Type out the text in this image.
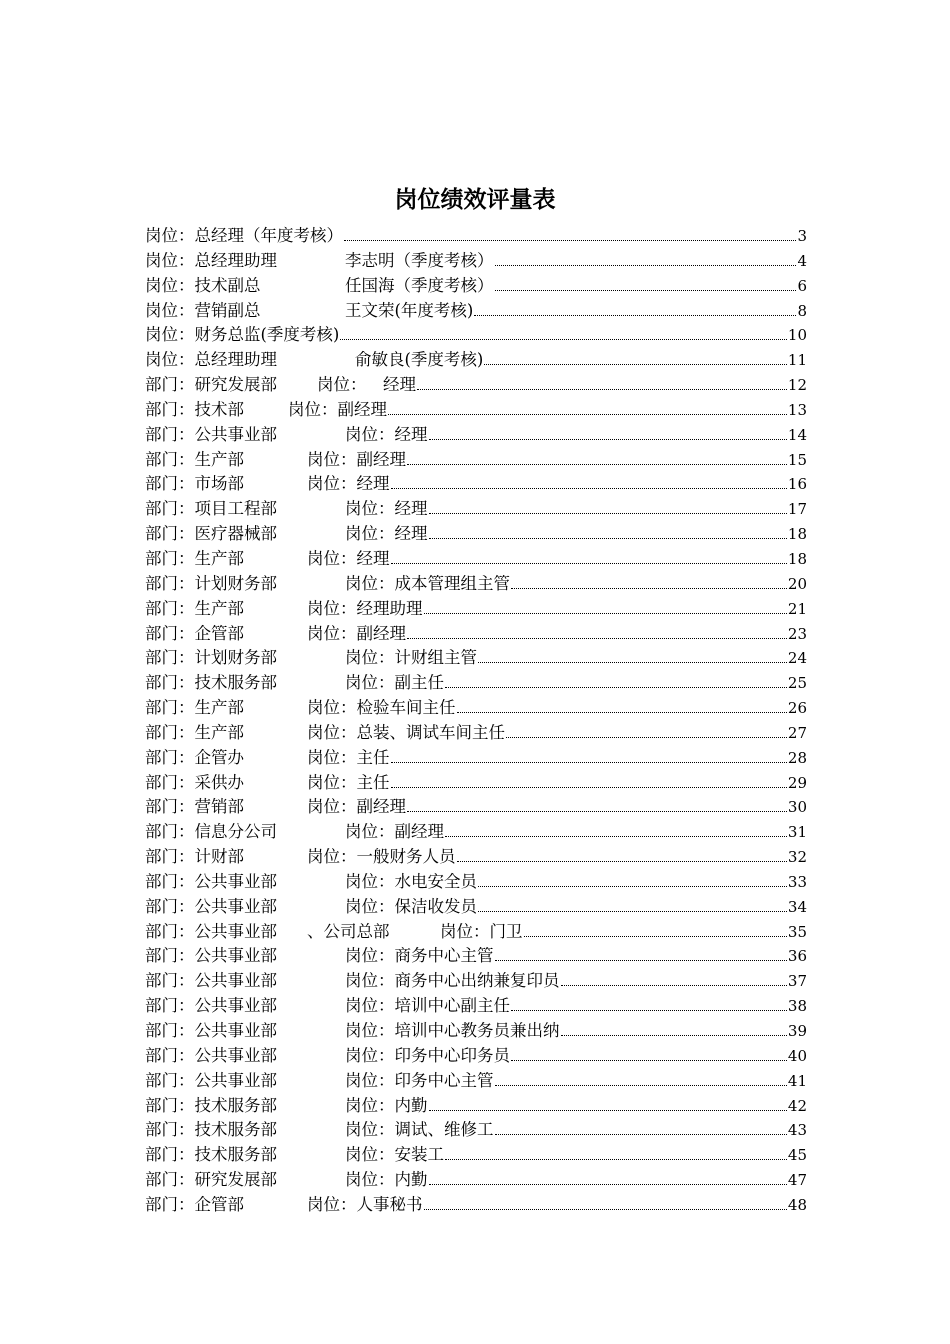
岗位绩效评量表
岗位：总经理（年度考核）	3
岗位：总经理助理	李志明（季度考核）	4
岗位：技术副总	任国海（季度考核）	6
岗位：营销副总	王文荣(年度考核)	8
岗位：财务总监(季度考核)	10
岗位：总经理助理	俞敏良(季度考核)	11
部门：研究发展部	岗位：	经理	12
部门：技术部	岗位：副经理	13
部门：公共事业部	岗位：经理	14
部门：生产部	岗位：副经理	15
部门：市场部	岗位：经理	16
部门：项目工程部	岗位：经理	17
部门：医疗器械部	岗位：经理	18
部门：生产部	岗位：经理	18
部门：计划财务部	岗位：成本管理组主管	20
部门：生产部	岗位：经理助理	21
部门：企管部	岗位：副经理	23
部门：计划财务部	岗位：计财组主管	24
部门：技术服务部	岗位：副主任	25
部门：生产部	岗位：检验车间主任	26
部门：生产部	岗位：总装、调试车间主任	27
部门：企管办	岗位：主任	28
部门：采供办	岗位：主任	29
部门：营销部	岗位：副经理	30
部门：信息分公司	岗位：副经理	31
部门：计财部	岗位：一般财务人员	32
部门：公共事业部	岗位：水电安全员	33
部门：公共事业部	岗位：保洁收发员	34
部门：公共事业部	、公司总部	岗位：门卫	35
部门：公共事业部	岗位：商务中心主管	36
部门：公共事业部	岗位：商务中心出纳兼复印员	37
部门：公共事业部	岗位：培训中心副主任	38
部门：公共事业部	岗位：培训中心教务员兼出纳	39
部门：公共事业部	岗位：印务中心印务员	40
部门：公共事业部	岗位：印务中心主管	41
部门：技术服务部	岗位：内勤	42
部门：技术服务部	岗位：调试、维修工	43
部门：技术服务部	岗位：安装工	45
部门：研究发展部	岗位：内勤	47
部门：企管部	岗位：人事秘书	48
